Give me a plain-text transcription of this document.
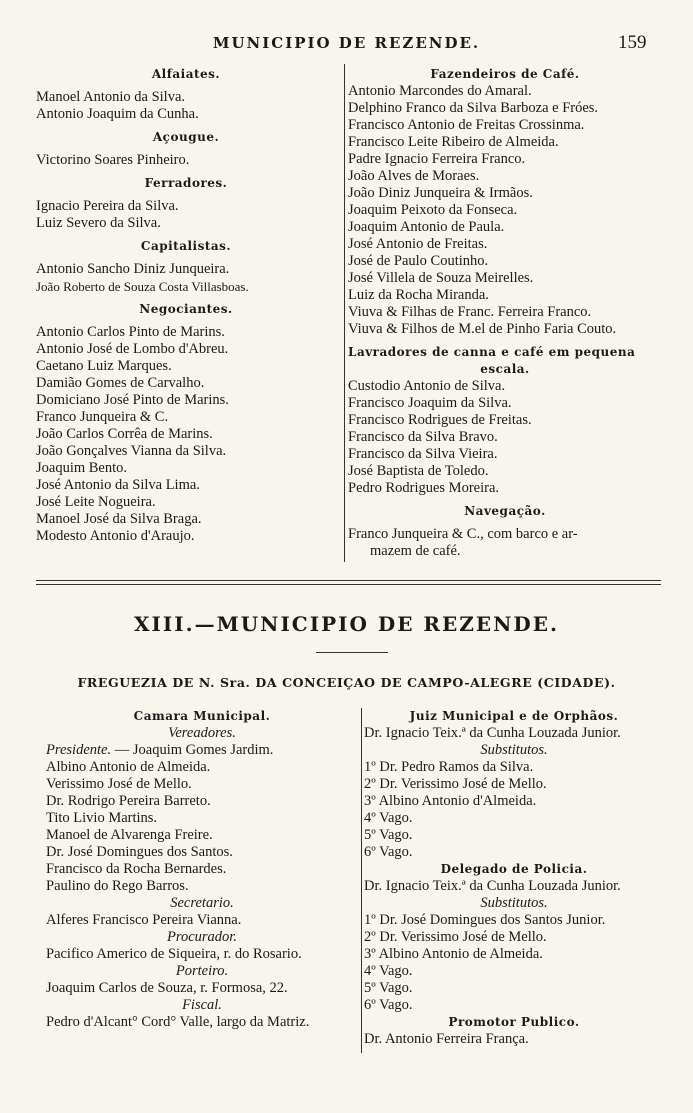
MUNICIPIO DE REZENDE.	159
Alfaiates.
Manoel Antonio da Silva.
Antonio Joaquim da Cunha.
Açougue.
Victorino Soares Pinheiro.
Ferradores.
Ignacio Pereira da Silva.
Luiz Severo da Silva.
Capitalistas.
Antonio Sancho Diniz Junqueira.
João Roberto de Souza Costa Villasboas.
Negociantes.
Antonio Carlos Pinto de Marins.
Antonio José de Lombo d'Abreu.
Caetano Luiz Marques.
Damião Gomes de Carvalho.
Domiciano José Pinto de Marins.
Franco Junqueira & C.
João Carlos Corrêa de Marins.
João Gonçalves Vianna da Silva.
Joaquim Bento.
José Antonio da Silva Lima.
José Leite Nogueira.
Manoel José da Silva Braga.
Modesto Antonio d'Araujo.
Fazendeiros de Café.
Antonio Marcondes do Amaral.
Delphino Franco da Silva Barboza e Fróes.
Francisco Antonio de Freitas Crossinma.
Francisco Leite Ribeiro de Almeida.
Padre Ignacio Ferreira Franco.
João Alves de Moraes.
João Diniz Junqueira & Irmãos.
Joaquim Peixoto da Fonseca.
Joaquim Antonio de Paula.
José Antonio de Freitas.
José de Paulo Coutinho.
José Villela de Souza Meirelles.
Luiz da Rocha Miranda.
Viuva & Filhas de Franc. Ferreira Franco.
Viuva & Filhos de M.el de Pinho Faria Couto.
Lavradores de canna e café em pequena
escala.
Custodio Antonio de Silva.
Francisco Joaquim da Silva.
Francisco Rodrigues de Freitas.
Francisco da Silva Bravo.
Francisco da Silva Vieira.
José Baptista de Toledo.
Pedro Rodrigues Moreira.
Navegação.
Franco Junqueira & C., com barco e ar-
mazem de café.
XIII.—MUNICIPIO DE REZENDE.
FREGUEZIA DE N. Sra. DA CONCEIÇAO DE CAMPO-ALEGRE (CIDADE).
Camara Municipal.
Vereadores.
Presidente. — Joaquim Gomes Jardim.
Albino Antonio de Almeida.
Verissimo José de Mello.
Dr. Rodrigo Pereira Barreto.
Tito Livio Martins.
Manoel de Alvarenga Freire.
Dr. José Domingues dos Santos.
Francisco da Rocha Bernardes.
Paulino do Rego Barros.
Secretario.
Alferes Francisco Pereira Vianna.
Procurador.
Pacifico Americo de Siqueira, r. do Rosario.
Porteiro.
Joaquim Carlos de Souza, r. Formosa, 22.
Fiscal.
Pedro d'Alcant° Cord° Valle, largo da Matriz.
Juiz Municipal e de Orphãos.
Dr. Ignacio Teix.ª da Cunha Louzada Junior.
Substitutos.
1º Dr. Pedro Ramos da Silva.
2º Dr. Verissimo José de Mello.
3º Albino Antonio d'Almeida.
4º Vago.
5º Vago.
6º Vago.
Delegado de Policia.
Dr. Ignacio Teix.ª da Cunha Louzada Junior.
Substitutos.
1º Dr. José Domingues dos Santos Junior.
2º Dr. Verissimo José de Mello.
3º Albino Antonio de Almeida.
4º Vago.
5º Vago.
6º Vago.
Promotor Publico.
Dr. Antonio Ferreira França.
